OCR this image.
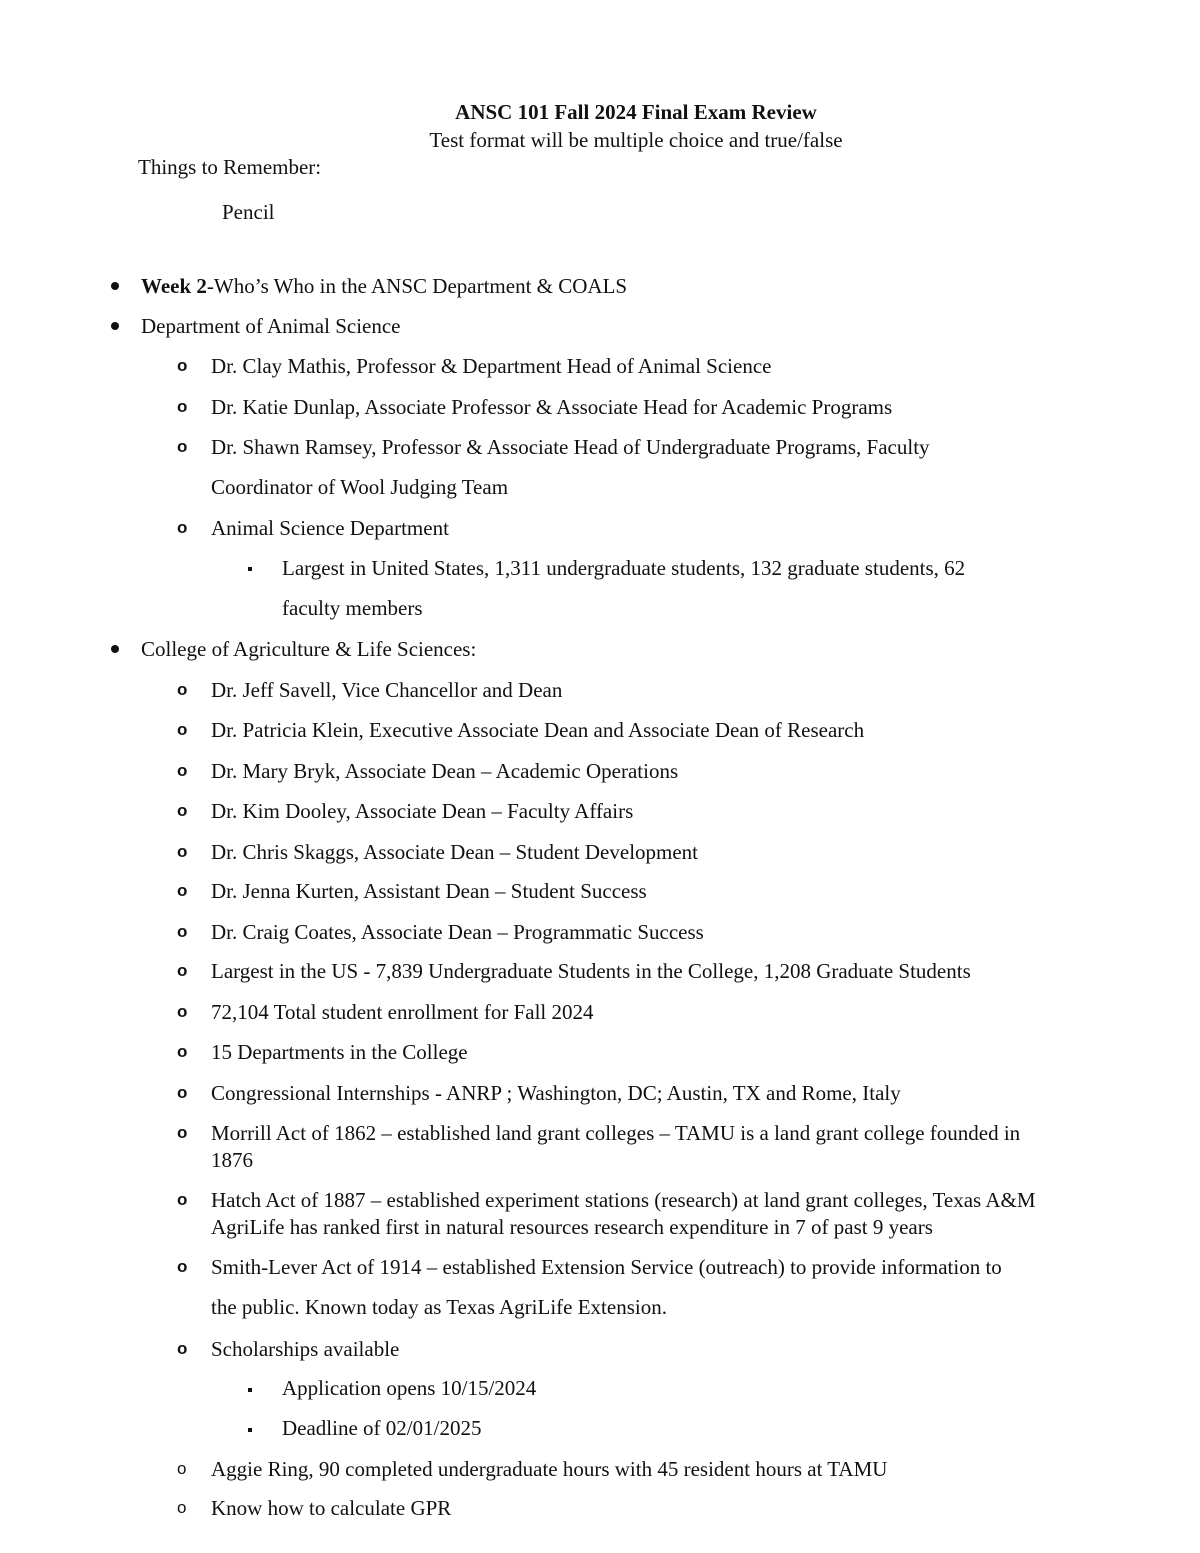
ANSC 101 Fall 2024 Final Exam Review
Test format will be multiple choice and true/false
Things to Remember:
Pencil
Week 2-Who’s Who in the ANSC Department & COALS
Department of Animal Science
o Dr. Clay Mathis, Professor & Department Head of Animal Science
o Dr. Katie Dunlap, Associate Professor & Associate Head for Academic Programs
o Dr. Shawn Ramsey, Professor & Associate Head of Undergraduate Programs, Faculty
Coordinator of Wool Judging Team
o Animal Science Department
Largest in United States, 1,311 undergraduate students, 132 graduate students, 62
faculty members
College of Agriculture & Life Sciences:
o Dr. Jeff Savell, Vice Chancellor and Dean
o Dr. Patricia Klein, Executive Associate Dean and Associate Dean of Research
o Dr. Mary Bryk, Associate Dean – Academic Operations
o Dr. Kim Dooley, Associate Dean – Faculty Affairs
o Dr. Chris Skaggs, Associate Dean – Student Development
o Dr. Jenna Kurten, Assistant Dean – Student Success
o Dr. Craig Coates, Associate Dean – Programmatic Success
o Largest in the US - 7,839 Undergraduate Students in the College, 1,208 Graduate Students
o 72,104 Total student enrollment for Fall 2024
o 15 Departments in the College
o Congressional Internships - ANRP ; Washington, DC; Austin, TX and Rome, Italy
o Morrill Act of 1862 – established land grant colleges – TAMU is a land grant college founded in
1876
o Hatch Act of 1887 – established experiment stations (research) at land grant colleges, Texas A&M
AgriLife has ranked first in natural resources research expenditure in 7 of past 9 years
o Smith-Lever Act of 1914 – established Extension Service (outreach) to provide information to
the public. Known today as Texas AgriLife Extension.
o Scholarships available
Application opens 10/15/2024
Deadline of 02/01/2025
o Aggie Ring, 90 completed undergraduate hours with 45 resident hours at TAMU
o Know how to calculate GPR
